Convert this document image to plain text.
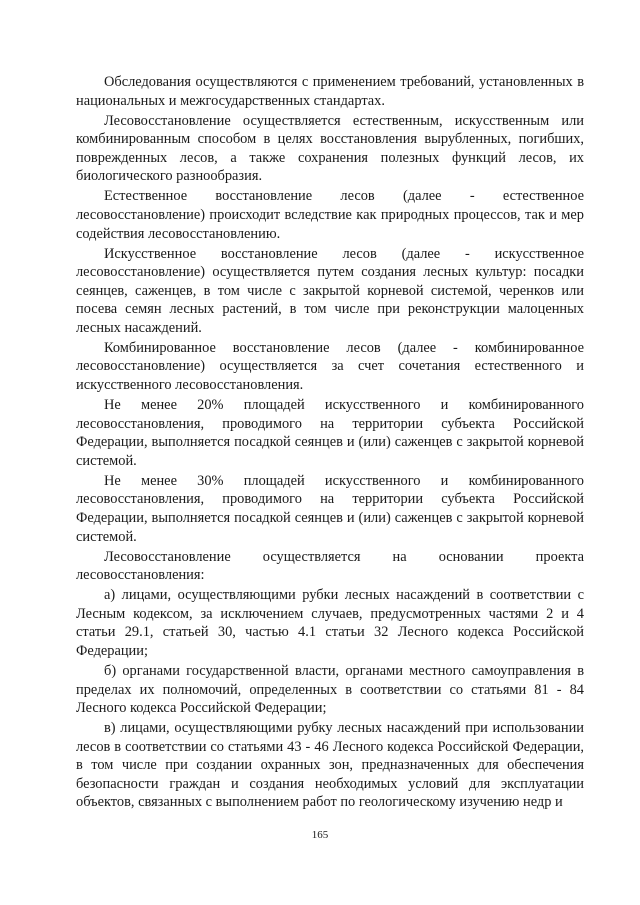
Обследования осуществляются с применением требований, установленных в национальных и межгосударственных стандартах.

Лесовосстановление осуществляется естественным, искусственным или комбинированным способом в целях восстановления вырубленных, погибших, поврежденных лесов, а также сохранения полезных функций лесов, их биологического разнообразия.

Естественное восстановление лесов (далее - естественное лесовосстановление) происходит вследствие как природных процессов, так и мер содействия лесовосстановлению.

Искусственное восстановление лесов (далее - искусственное лесовосстановление) осуществляется путем создания лесных культур: посадки сеянцев, саженцев, в том числе с закрытой корневой системой, черенков или посева семян лесных растений, в том числе при реконструкции малоценных лесных насаждений.

Комбинированное восстановление лесов (далее - комбинированное лесовосстановление) осуществляется за счет сочетания естественного и искусственного лесовосстановления.

Не менее 20% площадей искусственного и комбинированного лесовосстановления, проводимого на территории субъекта Российской Федерации, выполняется посадкой сеянцев и (или) саженцев с закрытой корневой системой.

Не менее 30% площадей искусственного и комбинированного лесовосстановления, проводимого на территории субъекта Российской Федерации, выполняется посадкой сеянцев и (или) саженцев с закрытой корневой системой.

Лесовосстановление осуществляется на основании проекта лесовосстановления:

а) лицами, осуществляющими рубки лесных насаждений в соответствии с Лесным кодексом, за исключением случаев, предусмотренных частями 2 и 4 статьи 29.1, статьей 30, частью 4.1 статьи 32 Лесного кодекса Российской Федерации;

б) органами государственной власти, органами местного самоуправления в пределах их полномочий, определенных в соответствии со статьями 81 - 84 Лесного кодекса Российской Федерации;

в) лицами, осуществляющими рубку лесных насаждений при использовании лесов в соответствии со статьями 43 - 46 Лесного кодекса Российской Федерации, в том числе при создании охранных зон, предназначенных для обеспечения безопасности граждан и создания необходимых условий для эксплуатации объектов, связанных с выполнением работ по геологическому изучению недр и

165
